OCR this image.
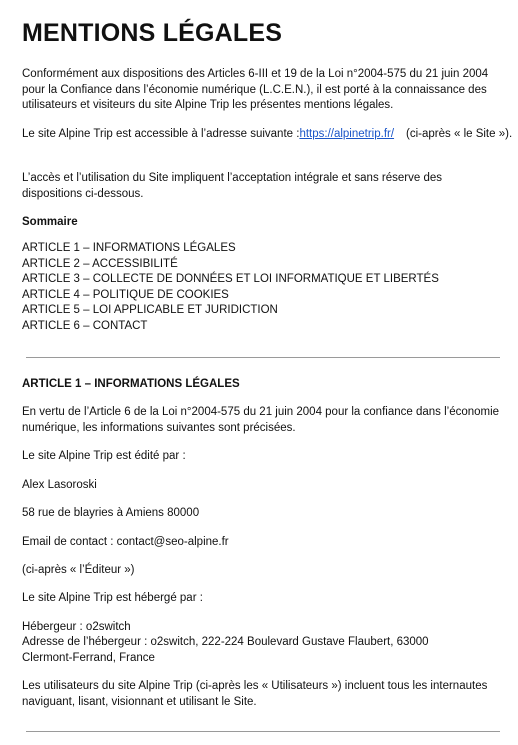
MENTIONS LÉGALES

Conformément aux dispositions des Articles 6-III et 19 de la Loi n°2004-575 du 21 juin 2004 pour la Confiance dans l’économie numérique (L.C.E.N.), il est porté à la connaissance des utilisateurs et visiteurs du site Alpine Trip les présentes mentions légales.

Le site Alpine Trip est accessible à l’adresse suivante :https://alpinetrip.fr/ (ci-après « le Site »).

L’accès et l’utilisation du Site impliquent l’acceptation intégrale et sans réserve des dispositions ci-dessous.

Sommaire

ARTICLE 1 – INFORMATIONS LÉGALES
ARTICLE 2 – ACCESSIBILITÉ
ARTICLE 3 – COLLECTE DE DONNÉES ET LOI INFORMATIQUE ET LIBERTÉS
ARTICLE 4 – POLITIQUE DE COOKIES
ARTICLE 5 – LOI APPLICABLE ET JURIDICTION
ARTICLE 6 – CONTACT

ARTICLE 1 – INFORMATIONS LÉGALES

En vertu de l’Article 6 de la Loi n°2004-575 du 21 juin 2004 pour la confiance dans l’économie numérique, les informations suivantes sont précisées.

Le site Alpine Trip est édité par :

Alex Lasoroski

58 rue de blayries à Amiens 80000

Email de contact : contact@seo-alpine.fr

(ci-après « l’Éditeur »)

Le site Alpine Trip est hébergé par :

Hébergeur : o2switch

Adresse de l’hébergeur : o2switch, 222-224 Boulevard Gustave Flaubert, 63000 Clermont-Ferrand, France

Les utilisateurs du site Alpine Trip (ci-après les « Utilisateurs ») incluent tous les internautes naviguant, lisant, visionnant et utilisant le Site.
